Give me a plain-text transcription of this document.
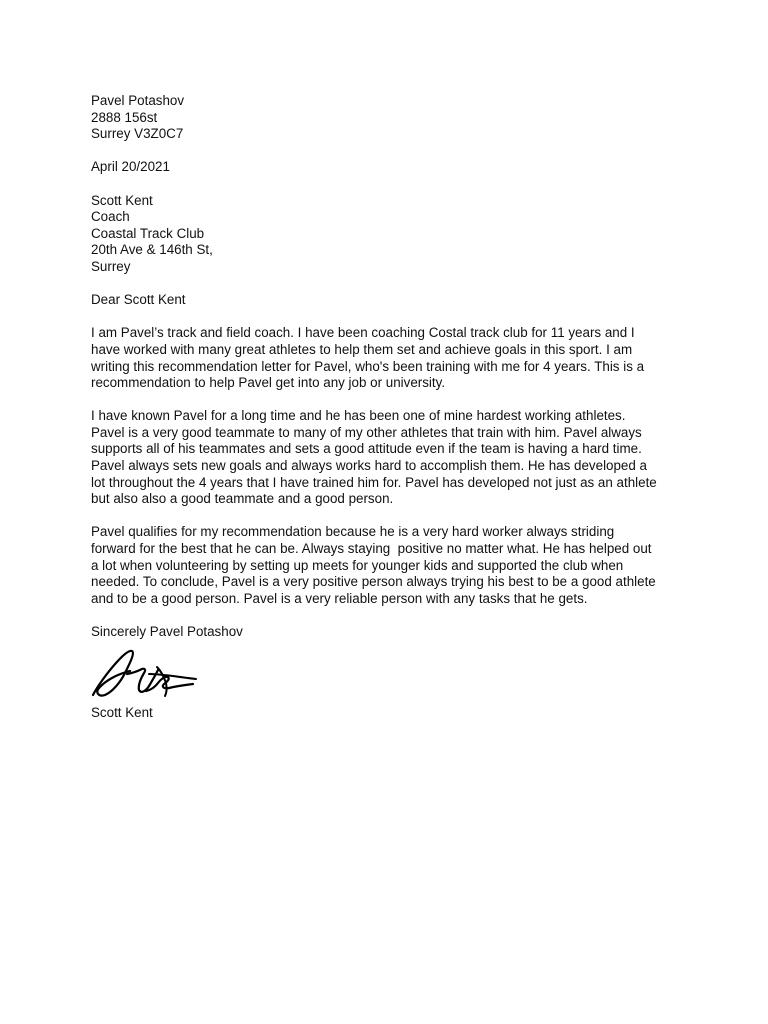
Pavel Potashov
2888 156st
Surrey V3Z0C7
April 20/2021
Scott Kent
Coach
Coastal Track Club
20th Ave & 146th St,
Surrey
Dear Scott Kent
I am Pavel’s track and field coach. I have been coaching Costal track club for 11 years and I
have worked with many great athletes to help them set and achieve goals in this sport. I am
writing this recommendation letter for Pavel, who's been training with me for 4 years. This is a
recommendation to help Pavel get into any job or university.
I have known Pavel for a long time and he has been one of mine hardest working athletes.
Pavel is a very good teammate to many of my other athletes that train with him. Pavel always
supports all of his teammates and sets a good attitude even if the team is having a hard time.
Pavel always sets new goals and always works hard to accomplish them. He has developed a
lot throughout the 4 years that I have trained him for. Pavel has developed not just as an athlete
but also also a good teammate and a good person.
Pavel qualifies for my recommendation because he is a very hard worker always striding
forward for the best that he can be. Always staying  positive no matter what. He has helped out
a lot when volunteering by setting up meets for younger kids and supported the club when
needed. To conclude, Pavel is a very positive person always trying his best to be a good athlete
and to be a good person. Pavel is a very reliable person with any tasks that he gets.
Sincerely Pavel Potashov
Scott Kent
